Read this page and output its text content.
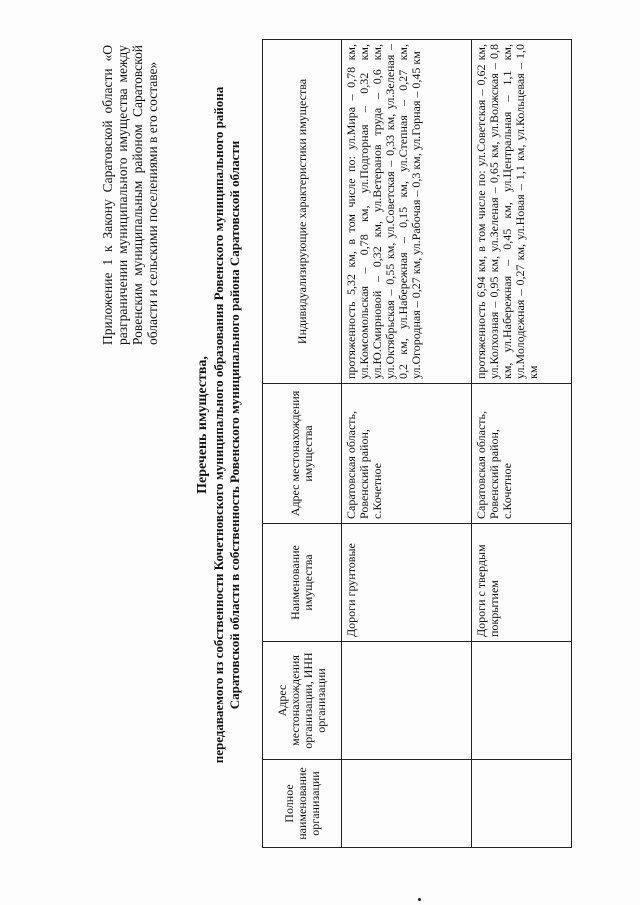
Приложение 1 к Закону Саратовской области «О разграничении муниципального имущества между Ровенским муниципальным районом Саратовской области и сельскими поселениями в его составе»
Перечень имущества, передаваемого из собственности Кочетновского муниципального образования Ровенского муниципального района Саратовской области в собственность Ровенского муниципального района Саратовской области
Полное наименование организации	Адрес местонахождения организации, ИНН организации	Наименование имущества	Адрес местонахождения имущества	Индивидуализирующие характеристики имущества
		Дороги грунтовые	Саратовская область, Ровенский район, с.Кочетное	протяженность 5,32 км, в том числе по: ул.Мира – 0,78 км, ул.Комсомольская – 0,78 км, ул.Подгорная – 0,32 км, ул.Ю.Смирновой – 0,32 км, ул.Ветеранов труда – 0,6 км, ул.Октябрьская – 0,55 км, ул.Советская – 0,33 км, ул.Зеленая – 0,2 км, ул.Набережная – 0,15 км, ул.Степная – 0,27 км, ул.Огородная – 0,27 км, ул.Рабочая – 0,3 км, ул.Горная – 0,45 км
		Дороги с твердым покрытием	Саратовская область, Ровенский район, с.Кочетное	протяженность 6,94 км, в том числе по: ул.Советская – 0,62 км, ул.Колхозная – 0,95 км, ул.Зеленая – 0,65 км, ул.Волжская – 0,8 км, ул.Набережная – 0,45 км, ул.Центральная – 1,1 км, ул.Молодежная – 0,27 км, ул.Новая – 1,1 км, ул.Кольцевая – 1,0 км
